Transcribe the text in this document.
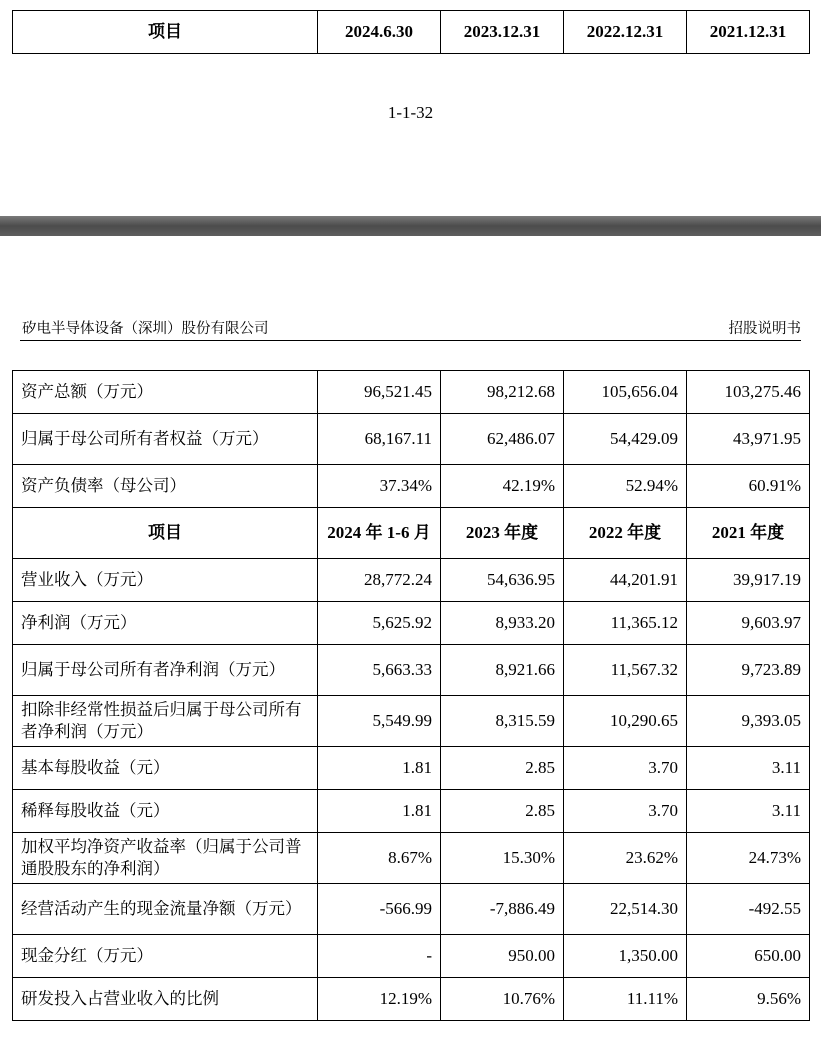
项目	2024.6.30	2023.12.31	2022.12.31	2021.12.31
1-1-32
矽电半导体设备（深圳）股份有限公司	招股说明书
资产总额（万元）	96,521.45	98,212.68	105,656.04	103,275.46
归属于母公司所有者权益（万元）	68,167.11	62,486.07	54,429.09	43,971.95
资产负债率（母公司）	37.34%	42.19%	52.94%	60.91%
项目	2024 年 1-6 月	2023 年度	2022 年度	2021 年度
营业收入（万元）	28,772.24	54,636.95	44,201.91	39,917.19
净利润（万元）	5,625.92	8,933.20	11,365.12	9,603.97
归属于母公司所有者净利润（万元）	5,663.33	8,921.66	11,567.32	9,723.89
扣除非经常性损益后归属于母公司所有者净利润（万元）	5,549.99	8,315.59	10,290.65	9,393.05
基本每股收益（元）	1.81	2.85	3.70	3.11
稀释每股收益（元）	1.81	2.85	3.70	3.11
加权平均净资产收益率（归属于公司普通股股东的净利润）	8.67%	15.30%	23.62%	24.73%
经营活动产生的现金流量净额（万元）	-566.99	-7,886.49	22,514.30	-492.55
现金分红（万元）	-	950.00	1,350.00	650.00
研发投入占营业收入的比例	12.19%	10.76%	11.11%	9.56%
